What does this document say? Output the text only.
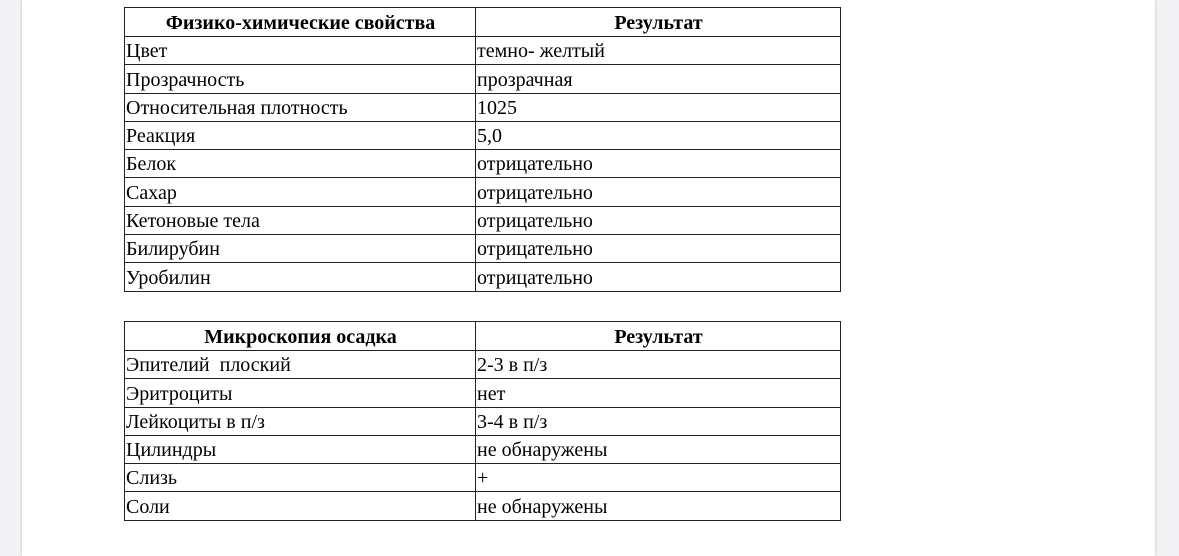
Физико-химические свойства	Результат
Цвет	темно- желтый
Прозрачность	прозрачная
Относительная плотность	1025
Реакция	5,0
Белок	отрицательно
Сахар	отрицательно
Кетоновые тела	отрицательно
Билирубин	отрицательно
Уробилин	отрицательно
Микроскопия осадка	Результат
Эпителий  плоский	2-3 в п/з
Эритроциты	нет
Лейкоциты в п/з	3-4 в п/з
Цилиндры	не обнаружены
Слизь	+
Соли	не обнаружены
